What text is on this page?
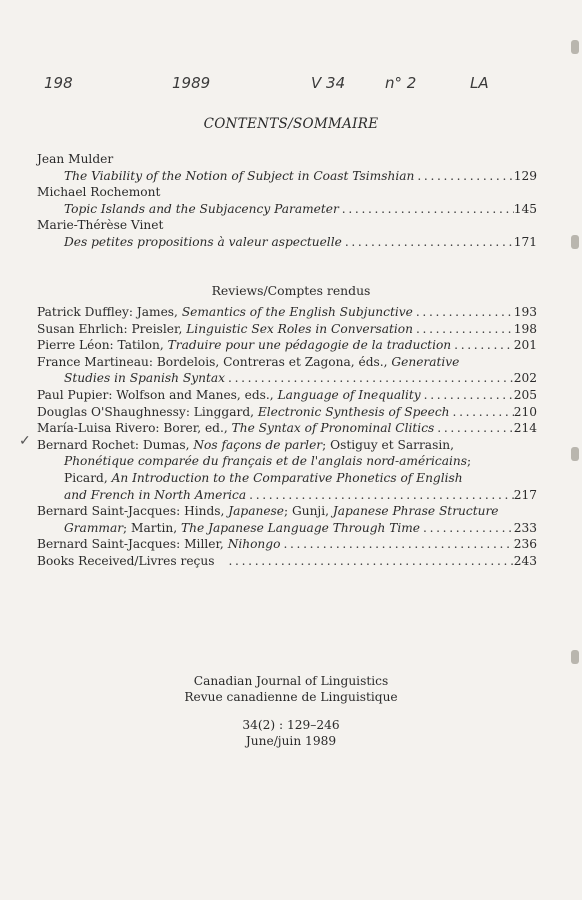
198	1989	V 34	n° 2	LA
CONTENTS/SOMMAIRE
Jean Mulder
The Viability of the Notion of Subject in Coast Tsimshian . . .	129
Michael Rochemont
Topic Islands and the Subjacency Parameter . . .	145
Marie-Thérèse Vinet
Des petites propositions à valeur aspectuelle . . .	171
Reviews/Comptes rendus
✓
Patrick Duffley: James, Semantics of the English Subjunctive . . .	193
Susan Ehrlich: Preisler, Linguistic Sex Roles in Conversation . . .	198
Pierre Léon: Tatilon, Traduire pour une pédagogie de la traduction . . .	201
France Martineau: Bordelois, Contreras et Zagona, éds., Generative
Studies in Spanish Syntax . . .	202
Paul Pupier: Wolfson and Manes, eds., Language of Inequality . . .	205
Douglas O'Shaughnessy: Linggard, Electronic Synthesis of Speech . . .	210
María-Luisa Rivero: Borer, ed., The Syntax of Pronominal Clitics . . .	214
Bernard Rochet: Dumas, Nos façons de parler; Ostiguy et Sarrasin,
Phonétique comparée du français et de l'anglais nord-américains;
Picard, An Introduction to the Comparative Phonetics of English
and French in North America . . .	217
Bernard Saint-Jacques: Hinds, Japanese; Gunji, Japanese Phrase Structure
Grammar; Martin, The Japanese Language Through Time . . .	233
Bernard Saint-Jacques: Miller, Nihongo . . .	236
Books Received/Livres reçus . . .	243
Canadian Journal of Linguistics
Revue canadienne de Linguistique
34(2) : 129–246
June/juin 1989
